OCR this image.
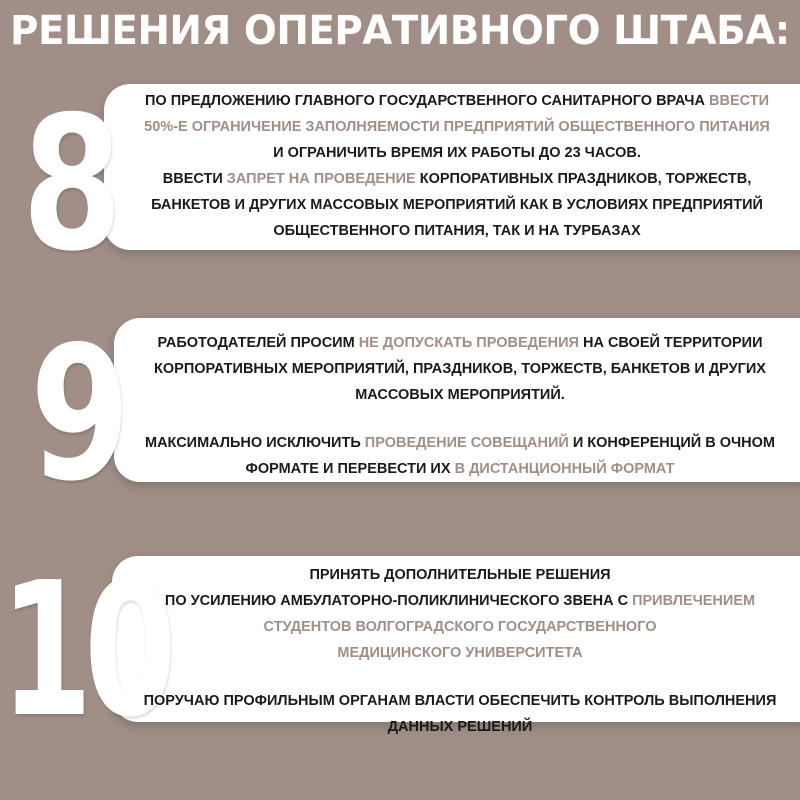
РЕШЕНИЯ ОПЕРАТИВНОГО ШТАБА:
8
9
10
ПО ПРЕДЛОЖЕНИЮ ГЛАВНОГО ГОСУДАРСТВЕННОГО САНИТАРНОГО ВРАЧА ВВЕСТИ
50%-Е ОГРАНИЧЕНИЕ ЗАПОЛНЯЕМОСТИ ПРЕДПРИЯТИЙ ОБЩЕСТВЕННОГО ПИТАНИЯ
И ОГРАНИЧИТЬ ВРЕМЯ ИХ РАБОТЫ ДО 23 ЧАСОВ.
ВВЕСТИ ЗАПРЕТ НА ПРОВЕДЕНИЕ КОРПОРАТИВНЫХ ПРАЗДНИКОВ, ТОРЖЕСТВ,
БАНКЕТОВ И ДРУГИХ МАССОВЫХ МЕРОПРИЯТИЙ КАК В УСЛОВИЯХ ПРЕДПРИЯТИЙ
ОБЩЕСТВЕННОГО ПИТАНИЯ, ТАК И НА ТУРБАЗАХ
РАБОТОДАТЕЛЕЙ ПРОСИМ НЕ ДОПУСКАТЬ ПРОВЕДЕНИЯ НА СВОЕЙ ТЕРРИТОРИИ
КОРПОРАТИВНЫХ МЕРОПРИЯТИЙ, ПРАЗДНИКОВ, ТОРЖЕСТВ, БАНКЕТОВ И ДРУГИХ
МАССОВЫХ МЕРОПРИЯТИЙ.
МАКСИМАЛЬНО ИСКЛЮЧИТЬ ПРОВЕДЕНИЕ СОВЕЩАНИЙ И КОНФЕРЕНЦИЙ В ОЧНОМ
ФОРМАТЕ И ПЕРЕВЕСТИ ИХ В ДИСТАНЦИОННЫЙ ФОРМАТ
ПРИНЯТЬ ДОПОЛНИТЕЛЬНЫЕ РЕШЕНИЯ
ПО УСИЛЕНИЮ АМБУЛАТОРНО-ПОЛИКЛИНИЧЕСКОГО ЗВЕНА С ПРИВЛЕЧЕНИЕМ
СТУДЕНТОВ ВОЛГОГРАДСКОГО ГОСУДАРСТВЕННОГО
МЕДИЦИНСКОГО УНИВЕРСИТЕТА
ПОРУЧАЮ ПРОФИЛЬНЫМ ОРГАНАМ ВЛАСТИ ОБЕСПЕЧИТЬ КОНТРОЛЬ ВЫПОЛНЕНИЯ
ДАННЫХ РЕШЕНИЙ
